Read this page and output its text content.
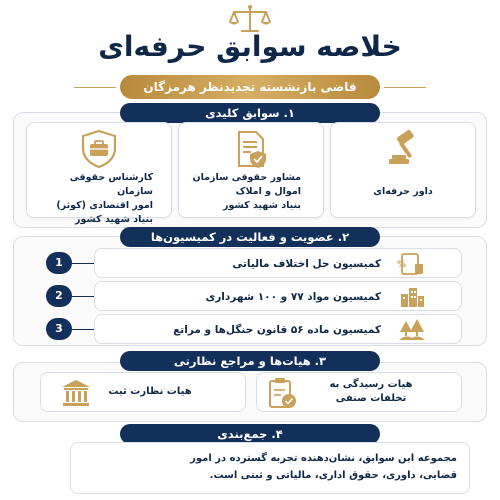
خلاصه سوابق حرفه‌ای
قاضی بازنشسته تجدیدنظر هرمزگان
۱. سوابق کلیدی
داور حرفه‌ای
مشاور حقوقی سازمان
اموال و املاک
بنیاد شهید کشور
کارشناس حقوقی سازمان
امور اقتصادی (کوثر)
بنیاد شهید کشور
۲. عضویت و فعالیت در کمیسیون‌ها
1	%
کمیسیون حل اختلاف مالیاتی
2	کمیسیون مواد ۷۷ و ۱۰۰ شهرداری
3	کمیسیون ماده ۵۶ قانون جنگل‌ها و مراتع
۳. هیات‌ها و مراجع نظارتی
هیات رسیدگی به
تخلفات صنفی
هیات نظارت ثبت
۴. جمع‌بندی
مجموعه این سوابق، نشان‌دهنده تجربه گسترده در امور قضایی، داوری، حقوق اداری، مالیاتی و ثبتی است.
